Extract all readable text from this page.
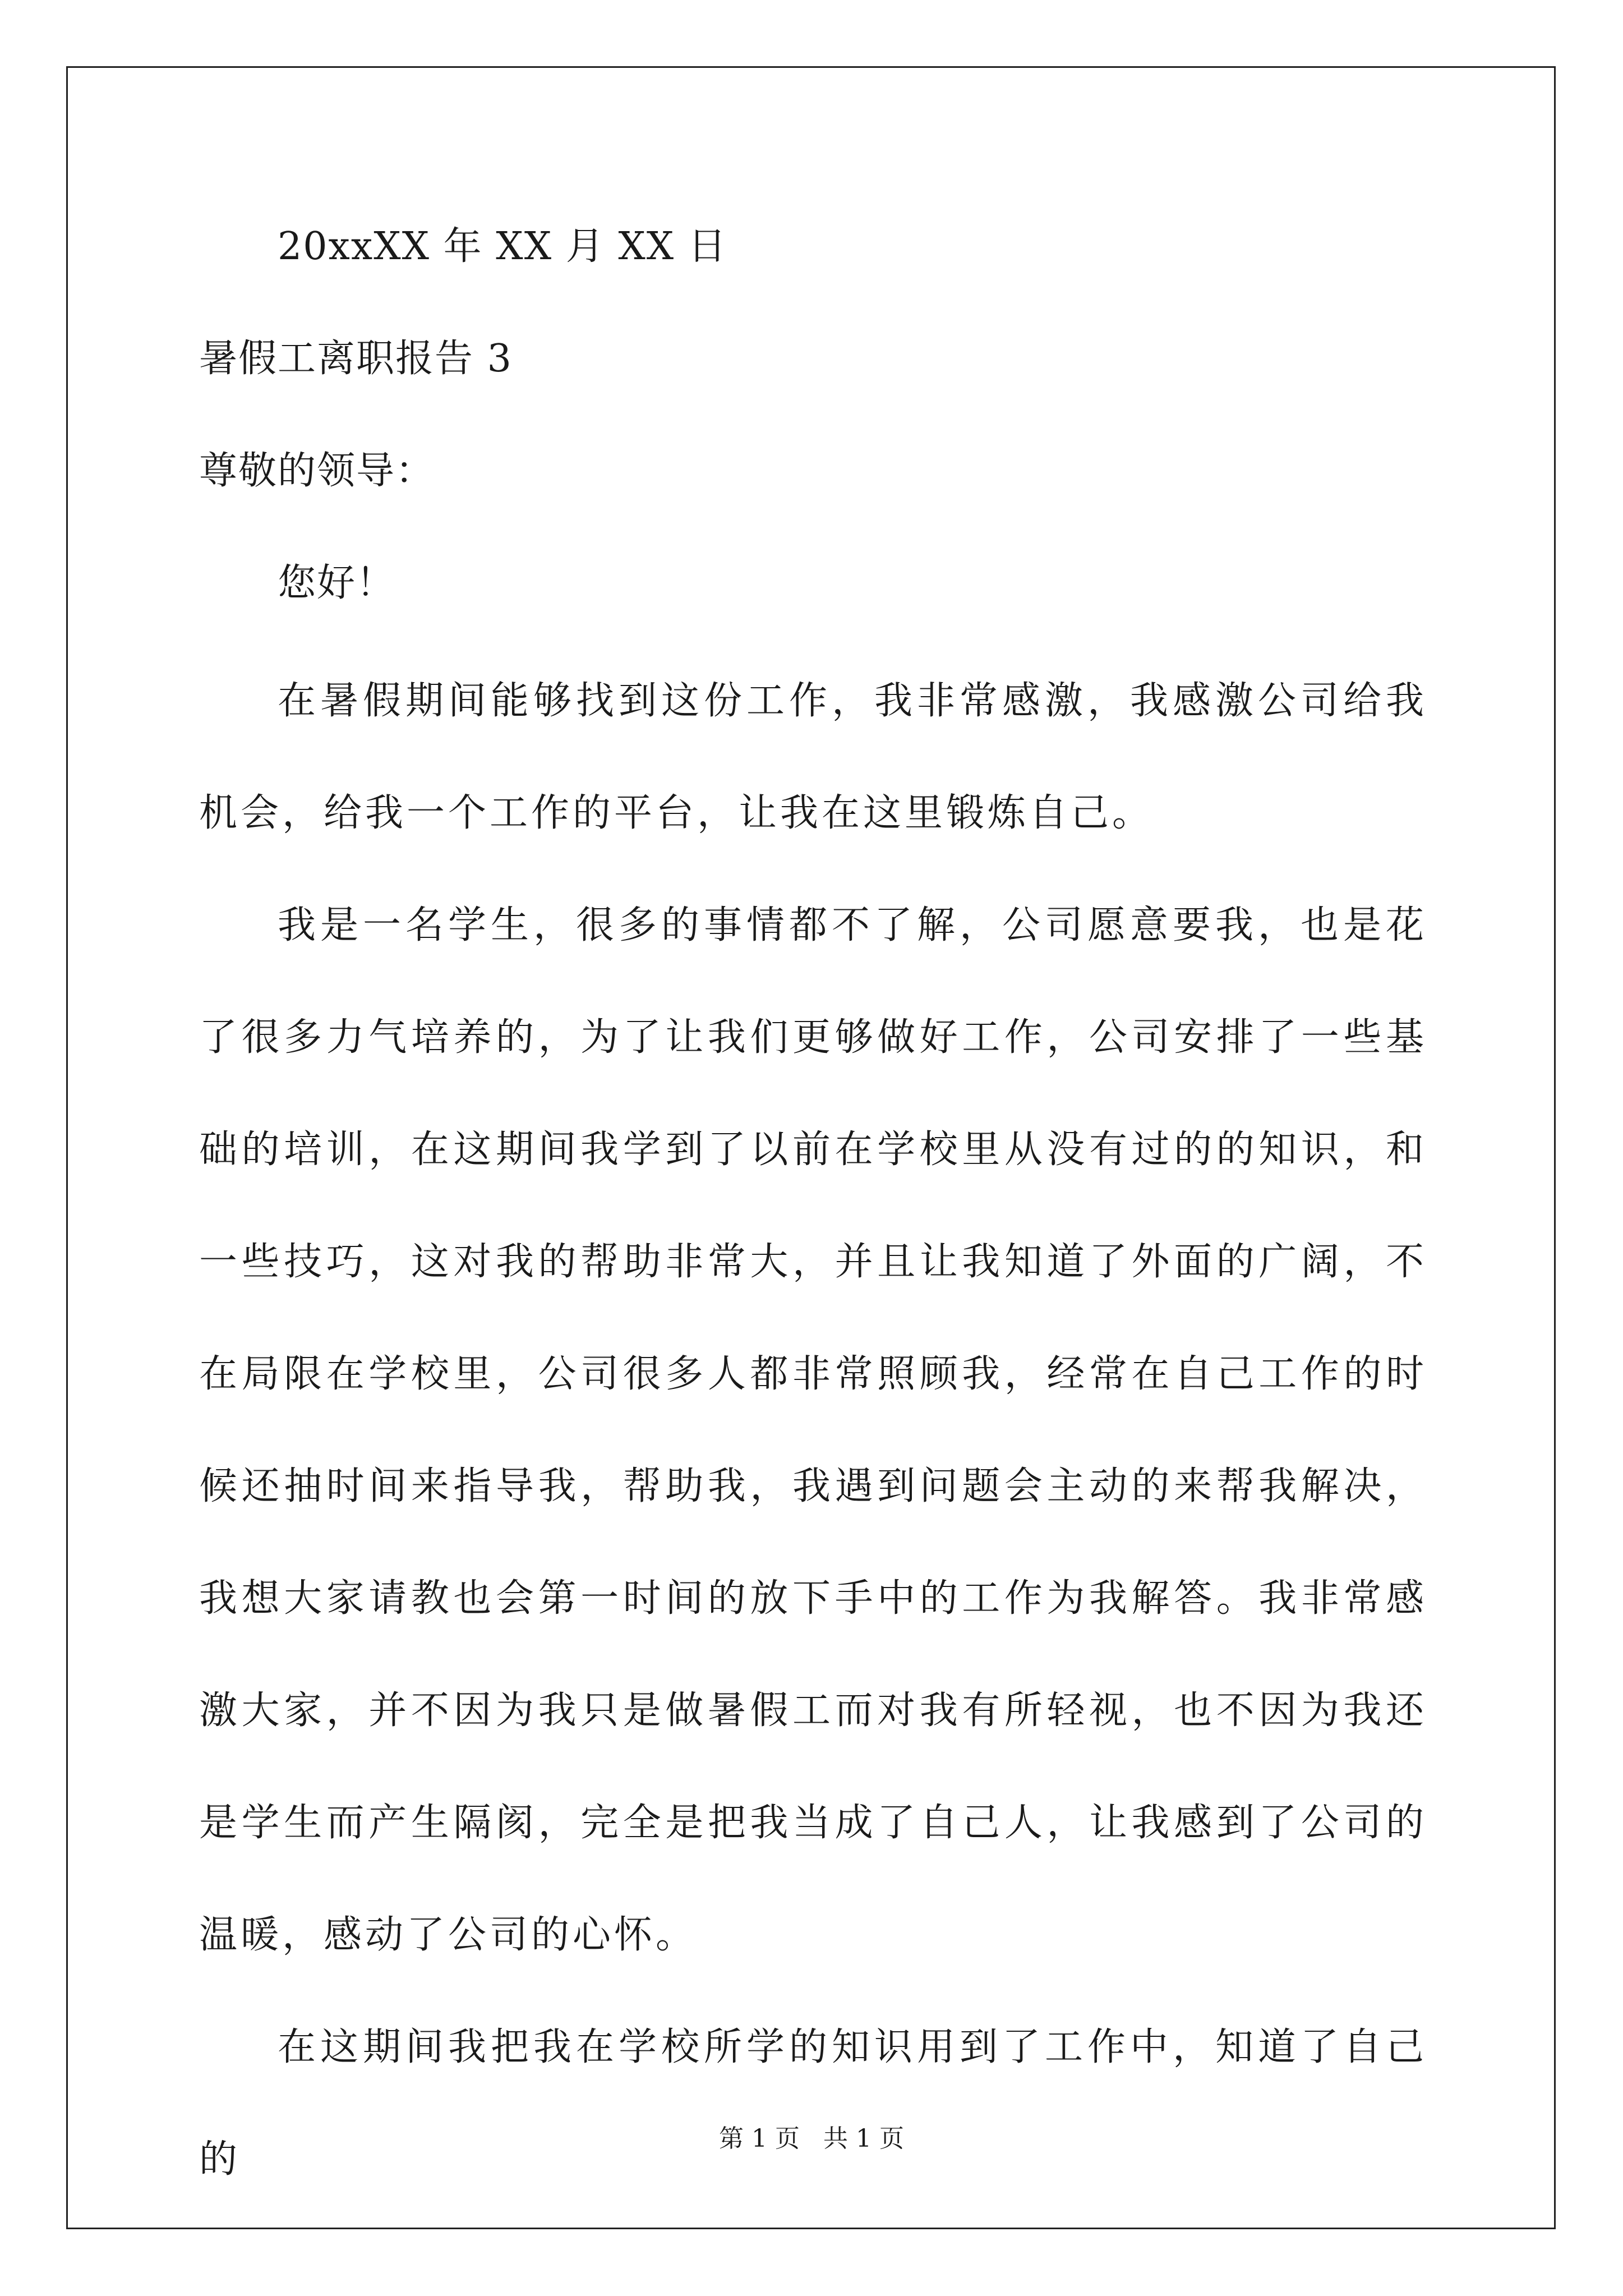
20xxXX 年 XX 月 XX 日
暑假工离职报告 3
尊敬的领导：
您好！

在暑假期间能够找到这份工作，我非常感激，我感激公司给我机会，给我一个工作的平台，让我在这里锻炼自己。

我是一名学生，很多的事情都不了解，公司愿意要我，也是花了很多力气培养的，为了让我们更够做好工作，公司安排了一些基础的培训，在这期间我学到了以前在学校里从没有过的的知识，和一些技巧，这对我的帮助非常大，并且让我知道了外面的广阔，不在局限在学校里，公司很多人都非常照顾我，经常在自己工作的时候还抽时间来指导我，帮助我，我遇到问题会主动的来帮我解决，我想大家请教也会第一时间的放下手中的工作为我解答。我非常感激大家，并不因为我只是做暑假工而对我有所轻视，也不因为我还是学生而产生隔阂，完全是把我当成了自己人，让我感到了公司的温暖，感动了公司的心怀。

在这期间我把我在学校所学的知识用到了工作中，知道了自己的	第 1 页 共 1 页
